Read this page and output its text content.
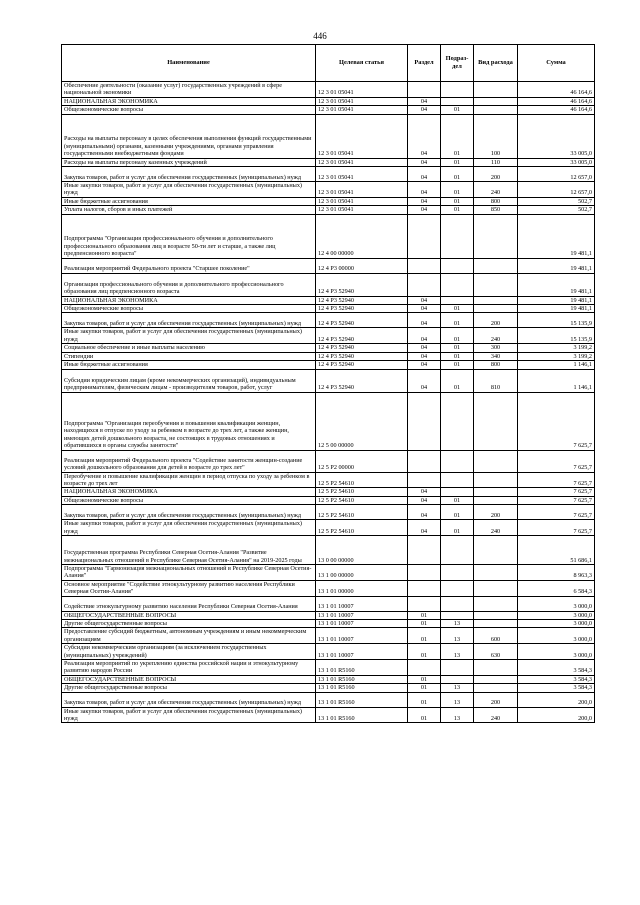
446
Наименование	Целевая статья	Раздел	Подраз-дел	Вид расхода	Сумма
Обеспечение деятельности (оказание услуг) государственных учреждений в сфере национальной экономики	12 3 01 05041				46 164,6
НАЦИОНАЛЬНАЯ ЭКОНОМИКА	12 3 01 05041	04			46 164,6
Общеэкономические вопросы	12 3 01 05041	04	01		46 164,6
Расходы на выплаты персоналу в целях обеспечения выполнения функций государственными (муниципальными) органами, казенными учреждениями, органами управления государственными внебюджетными фондами	12 3 01 05041	04	01	100	33 005,0
Расходы на выплаты персоналу казенных учреждений	12 3 01 05041	04	01	110	33 005,0
Закупка товаров, работ и услуг для обеспечения государственных (муниципальных) нужд	12 3 01 05041	04	01	200	12 657,0
Иные закупки товаров, работ и услуг для обеспечения государственных (муниципальных) нужд	12 3 01 05041	04	01	240	12 657,0
Иные бюджетные ассигнования	12 3 01 05041	04	01	800	502,7
Уплата налогов, сборов и иных платежей	12 3 01 05041	04	01	850	502,7
Подпрограмма "Организация профессионального обучения и дополнительного профессионального образования лиц в возрасте 50-ти лет и старше, а также лиц предпенсионного возраста"	12 4 00 00000				19 481,1
Реализация мероприятий Федерального проекта "Старшее поколение"	12 4 P3 00000				19 481,1
Организация профессионального обучения и дополнительного профессионального образования лиц предпенсионного возраста	12 4 P3 52940				19 481,1
НАЦИОНАЛЬНАЯ ЭКОНОМИКА	12 4 P3 52940	04			19 481,1
Общеэкономические вопросы	12 4 P3 52940	04	01		19 481,1
Закупка товаров, работ и услуг для обеспечения государственных (муниципальных) нужд	12 4 P3 52940	04	01	200	15 135,9
Иные закупки товаров, работ и услуг для обеспечения государственных (муниципальных) нужд	12 4 P3 52940	04	01	240	15 135,9
Социальное обеспечение и иные выплаты населению	12 4 P3 52940	04	01	300	3 199,2
Стипендии	12 4 P3 52940	04	01	340	3 199,2
Иные бюджетные ассигнования	12 4 P3 52940	04	01	800	1 146,1
Субсидии юридическим лицам (кроме некоммерческих организаций), индивидуальным предпринимателям, физическим лицам - производителям товаров, работ, услуг	12 4 P3 52940	04	01	810	1 146,1
Подпрограмма "Организация переобучения и повышения квалификации женщин, находящихся в отпуске по уходу за ребенком в возрасте до трех лет, а также женщин, имеющих детей дошкольного возраста, не состоящих в трудовых отношениях и обратившихся в органы службы занятости"	12 5 00 00000				7 625,7
Реализация мероприятий Федерального проекта "Содействие занятости женщин-создание условий дошкольного образования для детей в возрасте до трех лет"	12 5 P2 00000				7 625,7
Переобучение и повышение квалификации женщин в период отпуска по уходу за ребенком в возрасте до трех лет	12 5 P2 54610				7 625,7
НАЦИОНАЛЬНАЯ ЭКОНОМИКА	12 5 P2 54610	04			7 625,7
Общеэкономические вопросы	12 5 P2 54610	04	01		7 625,7
Закупка товаров, работ и услуг для обеспечения государственных (муниципальных) нужд	12 5 P2 54610	04	01	200	7 625,7
Иные закупки товаров, работ и услуг для обеспечения государственных (муниципальных) нужд	12 5 P2 54610	04	01	240	7 625,7
Государственная программа Республики Северная Осетия-Алания "Развитие межнациональных отношений в Республике Северная Осетия-Алания" на 2019-2025 годы	13 0 00 00000				51 686,1
Подпрограмма "Гармонизация межнациональных отношений в Республике Северная Осетия-Алания"	13 1 00 00000				8 963,3
Основное мероприятие "Содействие этнокультурному развитию населения Республики Северная Осетия-Алания"	13 1 01 00000				6 584,3
Содействие этнокультурному развитию населения Республики Северная Осетия-Алания	13 1 01 10007				3 000,0
ОБЩЕГОСУДАРСТВЕННЫЕ ВОПРОСЫ	13 1 01 10007	01			3 000,0
Другие общегосударственные вопросы	13 1 01 10007	01	13		3 000,0
Предоставление субсидий бюджетным, автономным учреждениям и иным некоммерческим организациям	13 1 01 10007	01	13	600	3 000,0
Субсидии некоммерческим организациям (за исключением государственных (муниципальных) учреждений)	13 1 01 10007	01	13	630	3 000,0
Реализация мероприятий по укреплению единства российской нации и этнокультурному развитию народов России	13 1 01 R5160				3 584,3
ОБЩЕГОСУДАРСТВЕННЫЕ ВОПРОСЫ	13 1 01 R5160	01			3 584,3
Другие общегосударственные вопросы	13 1 01 R5160	01	13		3 584,3
Закупка товаров, работ и услуг для обеспечения государственных (муниципальных) нужд	13 1 01 R5160	01	13	200	200,0
Иные закупки товаров, работ и услуг для обеспечения государственных (муниципальных) нужд	13 1 01 R5160	01	13	240	200,0
